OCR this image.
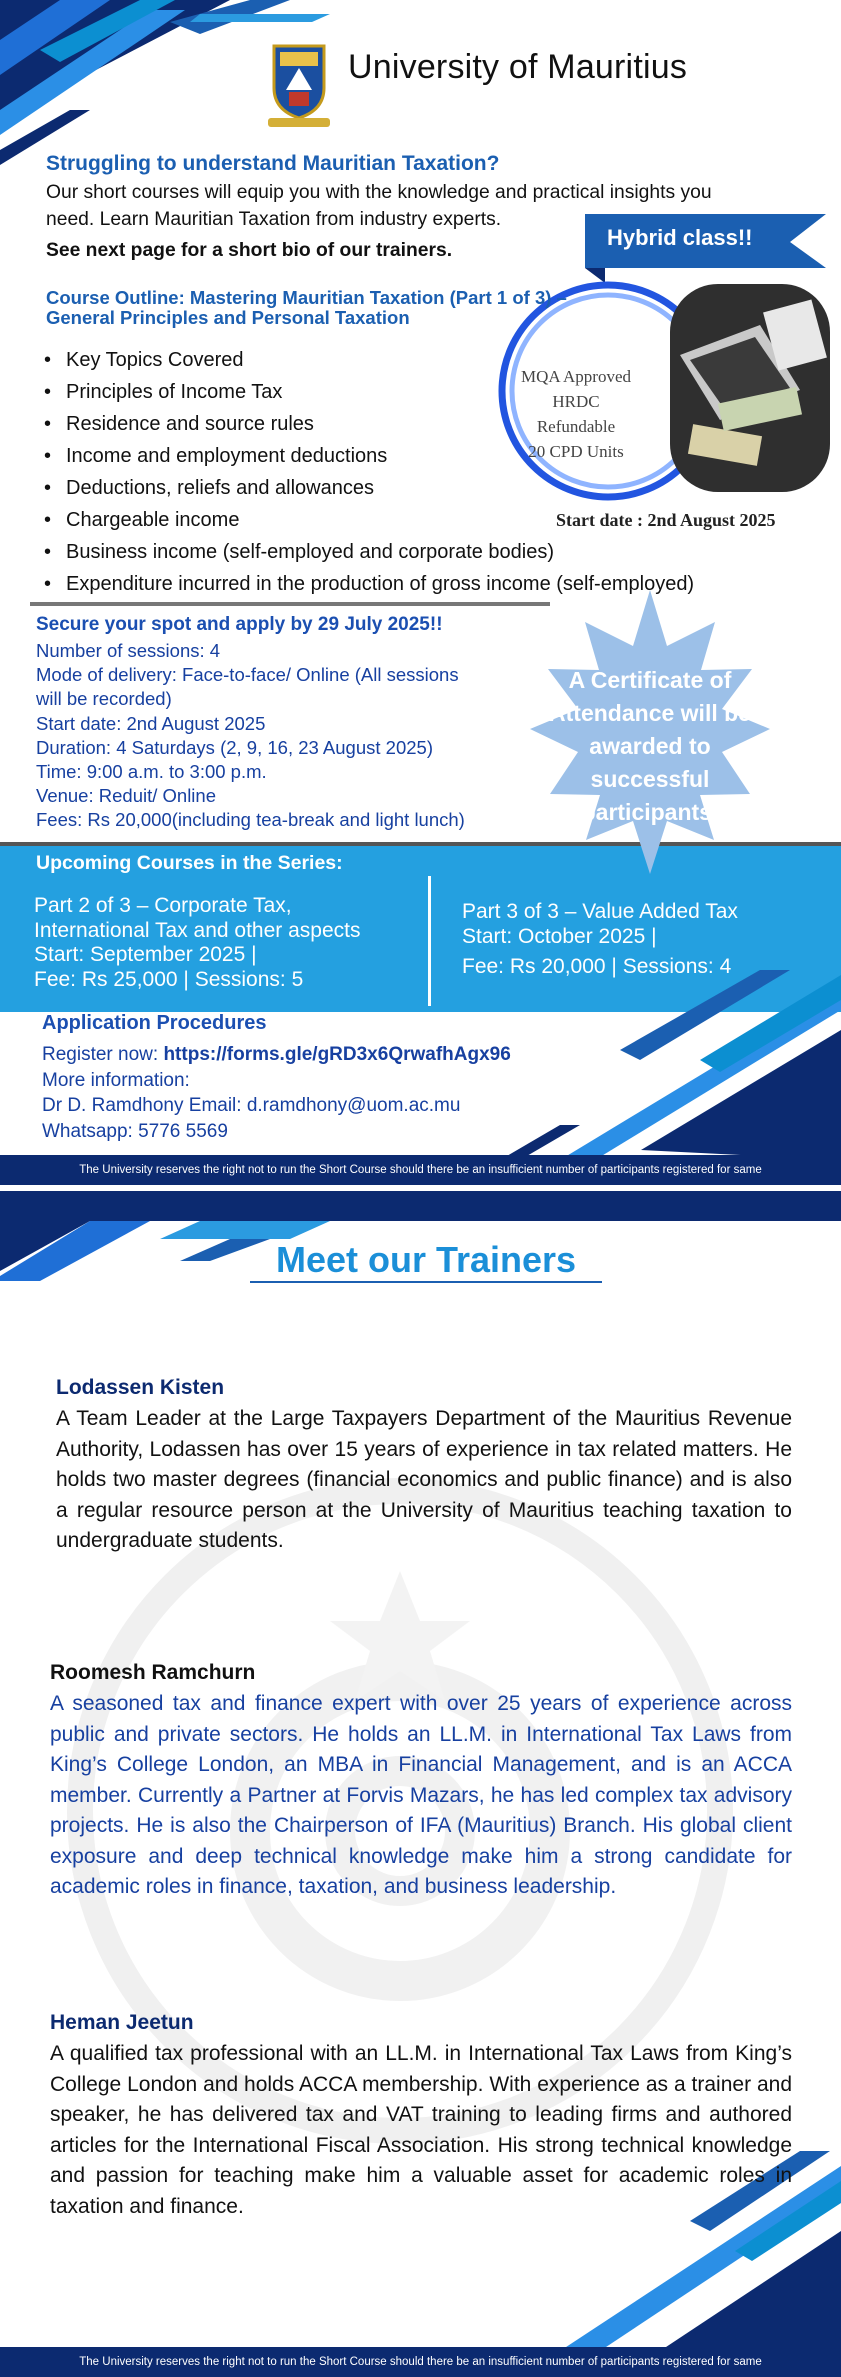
University of Mauritius
Struggling to understand Mauritian Taxation?
Our short courses will equip you with the knowledge and practical insights you
need. Learn Mauritian Taxation from industry experts.
See next page for a short bio of our trainers.
Hybrid class!!
Course Outline: Mastering Mauritian Taxation (Part 1 of 3) –
General Principles and Personal Taxation
• Key Topics Covered
• Principles of Income Tax
• Residence and source rules
• Income and employment deductions
• Deductions, reliefs and allowances
• Chargeable income
• Business income (self-employed and corporate bodies)
• Expenditure incurred in the production of gross income (self-employed)
MQA Approved
HRDC
Refundable
20 CPD Units
Start date : 2nd August 2025
Secure your spot and apply by 29 July 2025!!
Number of sessions: 4
Mode of delivery: Face-to-face/ Online (All sessions
will be recorded)
Start date: 2nd August 2025
Duration: 4 Saturdays (2, 9, 16, 23 August 2025)
Time: 9:00 a.m. to 3:00 p.m.
Venue: Reduit/ Online
Fees: Rs 20,000(including tea-break and light lunch)
A Certificate of
Attendance will be
awarded to
successful
participants.
Upcoming Courses in the Series:
Part 2 of 3 – Corporate Tax,
International Tax and other aspects
Start: September 2025 |
Fee: Rs 25,000 | Sessions: 5
Part 3 of 3 – Value Added Tax
Start: October 2025 |
Fee: Rs 20,000 | Sessions: 4
Application Procedures
Register now: https://forms.gle/gRD3x6QrwafhAgx96
More information:
Dr D. Ramdhony Email: d.ramdhony@uom.ac.mu
Whatsapp: 5776 5569
The University reserves the right not to run the Short Course should there be an insufficient number of participants registered for same
Meet our Trainers
Lodassen Kisten
A Team Leader at the Large Taxpayers Department of the Mauritius Revenue Authority, Lodassen has over 15 years of experience in tax related matters. He holds two master degrees (financial economics and public finance) and is also a regular resource person at the University of Mauritius teaching taxation to undergraduate students.
Roomesh Ramchurn
A seasoned tax and finance expert with over 25 years of experience across public and private sectors. He holds an LL.M. in International Tax Laws from King’s College London, an MBA in Financial Management, and is an ACCA member. Currently a Partner at Forvis Mazars, he has led complex tax advisory projects. He is also the Chairperson of IFA (Mauritius) Branch. His global client exposure and deep technical knowledge make him a strong candidate for academic roles in finance, taxation, and business leadership.
Heman Jeetun
A qualified tax professional with an LL.M. in International Tax Laws from King’s College London and holds ACCA membership. With experience as a trainer and speaker, he has delivered tax and VAT training to leading firms and authored articles for the International Fiscal Association. His strong technical knowledge and passion for teaching make him a valuable asset for academic roles in taxation and finance.
The University reserves the right not to run the Short Course should there be an insufficient number of participants registered for same
